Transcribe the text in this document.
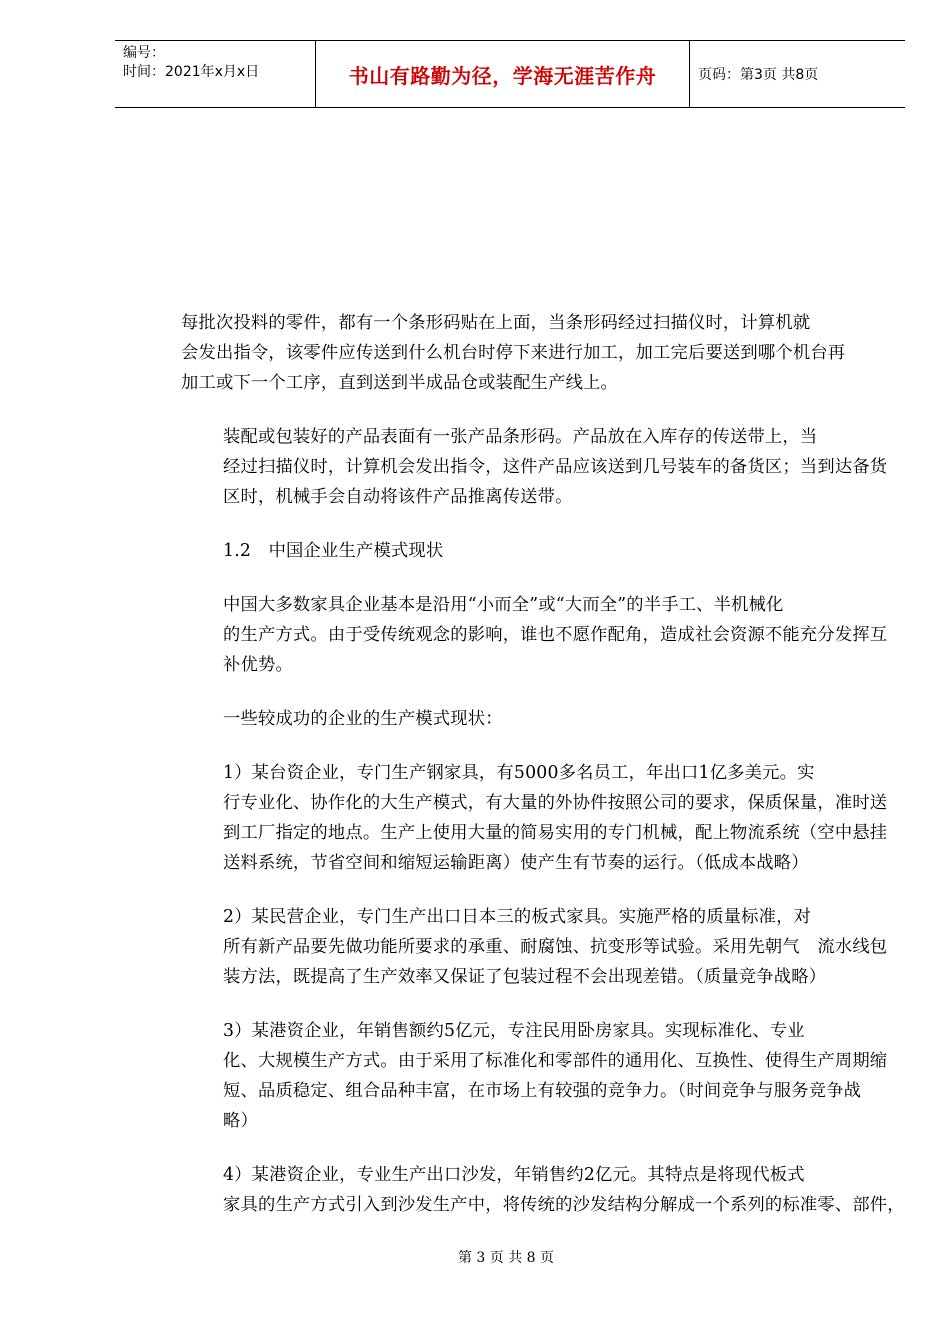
编号：
时间：2021年x月x日	书山有路勤为径，学海无涯苦作舟	页码：第3页 共8页

每批次投料的零件，都有一个条形码贴在上面，当条形码经过扫描仪时，计算机就
会发出指令，该零件应传送到什么机台时停下来进行加工，加工完后要送到哪个机台再
加工或下一个工序，直到送到半成品仓或装配生产线上。

装配或包装好的产品表面有一张产品条形码。产品放在入库存的传送带上，当
经过扫描仪时，计算机会发出指令，这件产品应该送到几号装车的备货区；当到达备货
区时，机械手会自动将该件产品推离传送带。

1.2　中国企业生产模式现状

中国大多数家具企业基本是沿用“小而全”或“大而全”的半手工、半机械化
的生产方式。由于受传统观念的影响，谁也不愿作配角，造成社会资源不能充分发挥互
补优势。

一些较成功的企业的生产模式现状：

1）某台资企业，专门生产钢家具，有5000多名员工，年出口1亿多美元。实
行专业化、协作化的大生产模式，有大量的外协件按照公司的要求，保质保量，准时送
到工厂指定的地点。生产上使用大量的简易实用的专门机械，配上物流系统（空中悬挂
送料系统，节省空间和缩短运输距离）使产生有节奏的运行。（低成本战略）

2）某民营企业，专门生产出口日本三的板式家具。实施严格的质量标准，对
所有新产品要先做功能所要求的承重、耐腐蚀、抗变形等试验。采用先朝气　流水线包
装方法，既提高了生产效率又保证了包装过程不会出现差错。（质量竞争战略）

3）某港资企业，年销售额约5亿元，专注民用卧房家具。实现标准化、专业
化、大规模生产方式。由于采用了标准化和零部件的通用化、互换性、使得生产周期缩
短、品质稳定、组合品种丰富，在市场上有较强的竞争力。（时间竞争与服务竞争战
略）

4）某港资企业，专业生产出口沙发，年销售约2亿元。其特点是将现代板式
家具的生产方式引入到沙发生产中，将传统的沙发结构分解成一个系列的标准零、部件，

第 3 页 共 8 页
